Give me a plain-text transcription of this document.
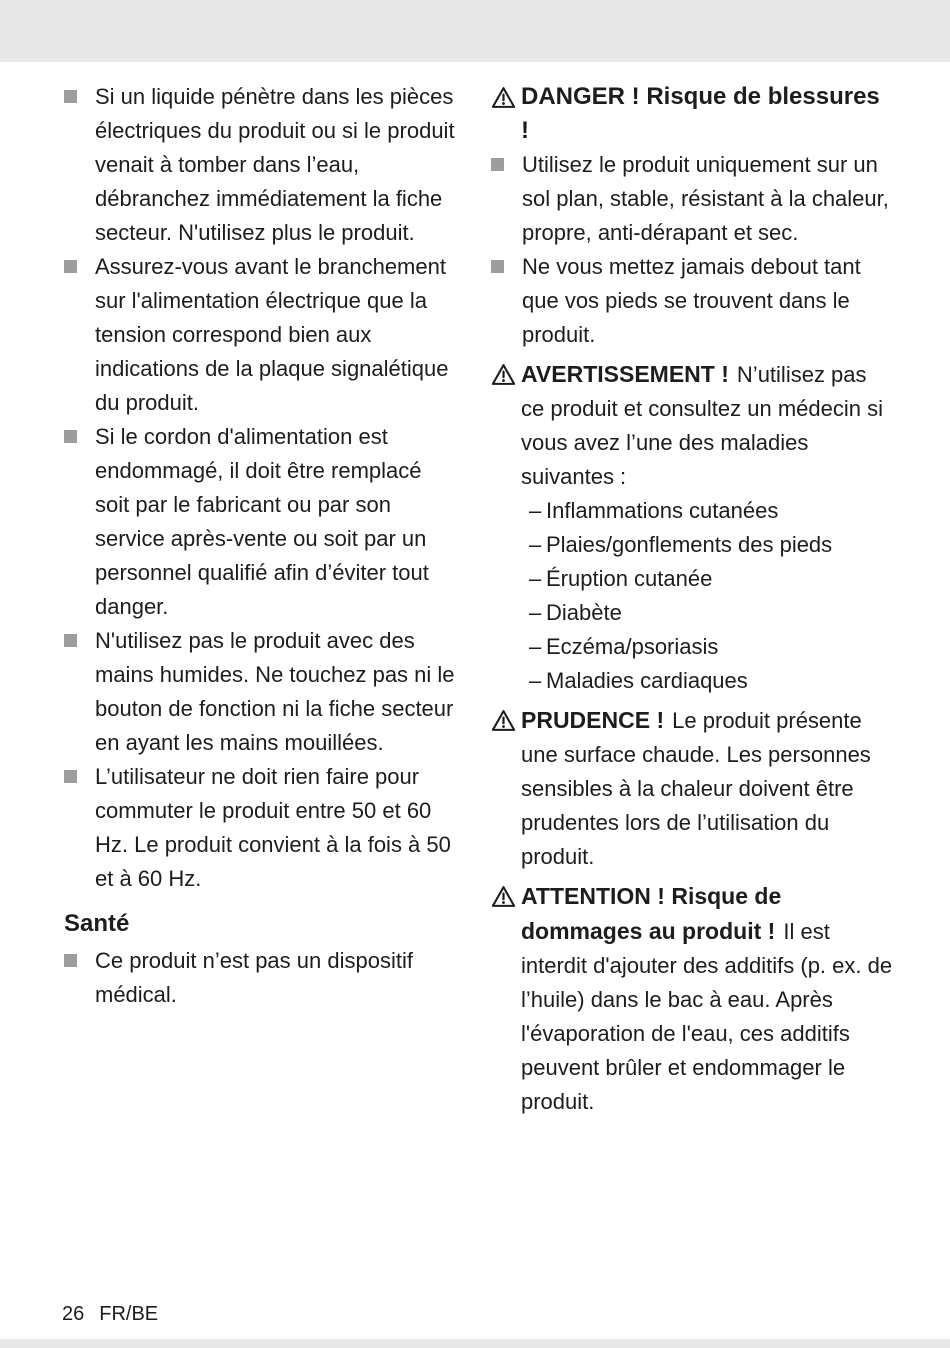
Si un liquide pénètre dans les pièces électriques du produit ou si le produit venait à tomber dans l’eau, débranchez immédiatement la fiche secteur. N'utilisez plus le produit.
Assurez-vous avant le branchement sur l'alimentation électrique que la tension correspond bien aux indications de la plaque signalétique du produit.
Si le cordon d'alimentation est endommagé, il doit être remplacé soit par le fabricant ou par son service après-vente ou soit par un personnel qualifié afin d’éviter tout danger.
N'utilisez pas le produit avec des mains humides. Ne touchez pas ni le bouton de fonction ni la fiche secteur en ayant les mains mouillées.
L’utilisateur ne doit rien faire pour commuter le produit entre 50 et 60 Hz. Le produit convient à la fois à 50 et à 60 Hz.
Santé
Ce produit n’est pas un dispositif médical.
DANGER ! Risque de blessures !
Utilisez le produit uniquement sur un sol plan, stable, résistant à la chaleur, propre, anti-dérapant et sec.
Ne vous mettez jamais debout tant que vos pieds se trouvent dans le produit.
AVERTISSEMENT ! N’utilisez pas ce produit et consultez un médecin si vous avez l’une des maladies suivantes :
– Inflammations cutanées
– Plaies/gonflements des pieds
– Éruption cutanée
– Diabète
– Eczéma/psoriasis
– Maladies cardiaques
PRUDENCE ! Le produit présente une surface chaude. Les personnes sensibles à la chaleur doivent être prudentes lors de l’utilisation du produit.
ATTENTION ! Risque de dommages au produit ! Il est interdit d'ajouter des additifs (p. ex. de l’huile) dans le bac à eau. Après l'évaporation de l'eau, ces additifs peuvent brûler et endommager le produit.
26 FR/BE
